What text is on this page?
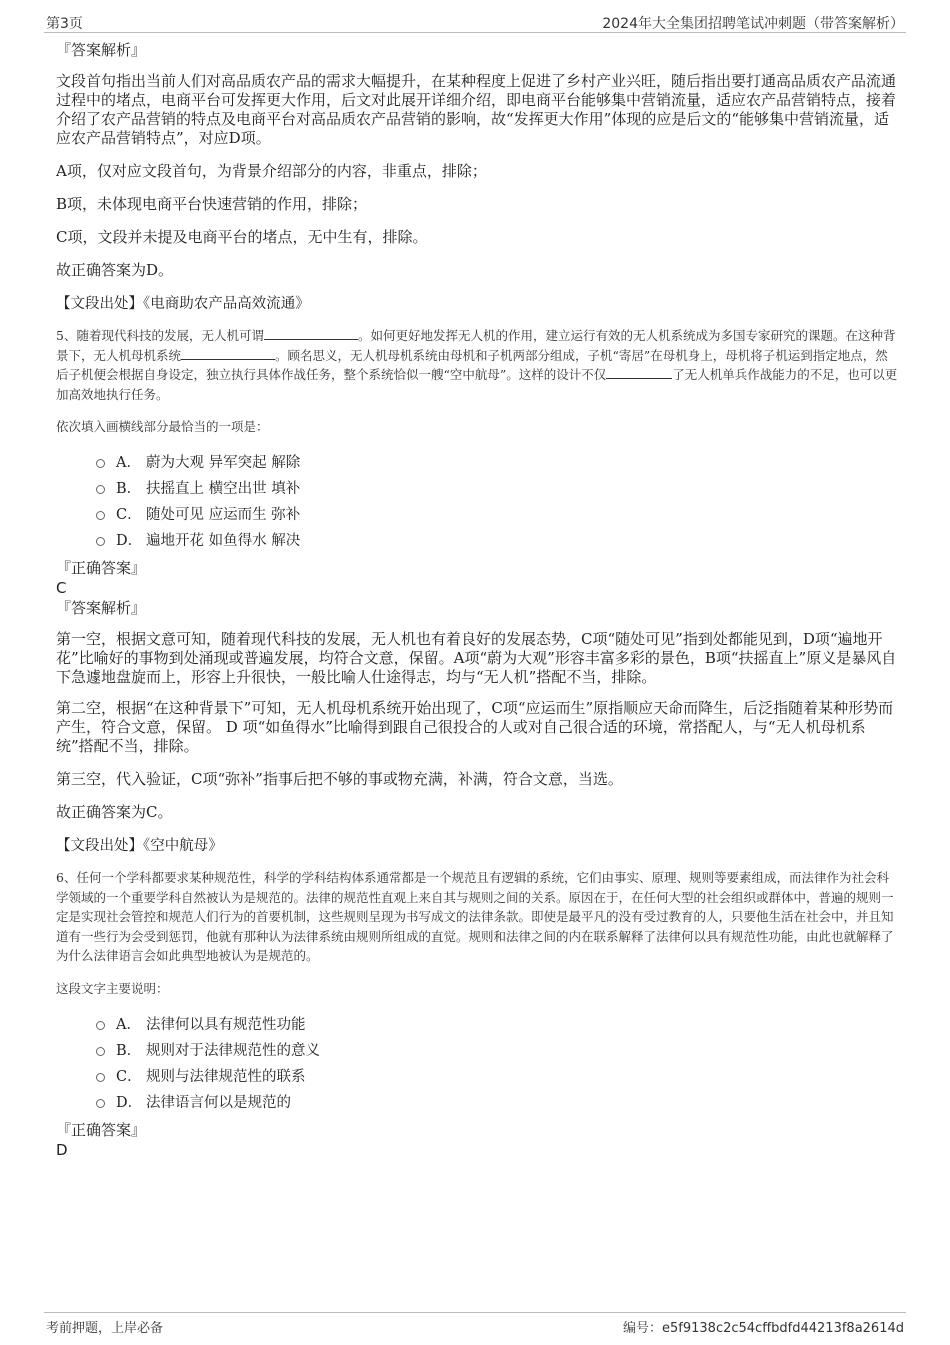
第3页	2024年大全集团招聘笔试冲刺题（带答案解析）

『答案解析』

文段首句指出当前人们对高品质农产品的需求大幅提升，在某种程度上促进了乡村产业兴旺，随后指出要打通高品质农产品流通过程中的堵点，电商平台可发挥更大作用，后文对此展开详细介绍，即电商平台能够集中营销流量，适应农产品营销特点，接着介绍了农产品营销的特点及电商平台对高品质农产品营销的影响，故“发挥更大作用”体现的应是后文的“能够集中营销流量，适应农产品营销特点”，对应D项。

A项，仅对应文段首句，为背景介绍部分的内容，非重点，排除；

B项，未体现电商平台快速营销的作用，排除；

C项，文段并未提及电商平台的堵点，无中生有，排除。

故正确答案为D。

【文段出处】《电商助农产品高效流通》

5、随着现代科技的发展，无人机可谓	。如何更好地发挥无人机的作用，建立运行有效的无人机系统成为多国专家研究的课题。在这种背景下，无人机母机系统	。顾名思义，无人机母机系统由母机和子机两部分组成，子机“寄居”在母机身上，母机将子机运到指定地点，然后子机便会根据自身设定，独立执行具体作战任务，整个系统恰似一艘“空中航母”。这样的设计不仅	了无人机单兵作战能力的不足，也可以更加高效地执行任务。

依次填入画横线部分最恰当的一项是：

A． 蔚为大观 异军突起 解除
B． 扶摇直上 横空出世 填补
C． 随处可见 应运而生 弥补
D． 遍地开花 如鱼得水 解决

『正确答案』

C

『答案解析』

第一空，根据文意可知，随着现代科技的发展，无人机也有着良好的发展态势，C项“随处可见”指到处都能见到，D项“遍地开花”比喻好的事物到处涌现或普遍发展，均符合文意，保留。A项“蔚为大观”形容丰富多彩的景色，B项“扶摇直上”原义是暴风自下急遽地盘旋而上，形容上升很快，一般比喻人仕途得志，均与“无人机”搭配不当，排除。

第二空，根据“在这种背景下”可知，无人机母机系统开始出现了，C项“应运而生”原指顺应天命而降生，后泛指随着某种形势而产生，符合文意，保留。 D 项“如鱼得水”比喻得到跟自己很投合的人或对自己很合适的环境，常搭配人，与“无人机母机系统”搭配不当，排除。

第三空，代入验证，C项“弥补”指事后把不够的事或物充满，补满，符合文意，当选。

故正确答案为C。

【文段出处】《空中航母》

6、任何一个学科都要求某种规范性，科学的学科结构体系通常都是一个规范且有逻辑的系统，它们由事实、原理、规则等要素组成，而法律作为社会科学领域的一个重要学科自然被认为是规范的。法律的规范性直观上来自其与规则之间的关系。原因在于，在任何大型的社会组织或群体中，普遍的规则一定是实现社会管控和规范人们行为的首要机制，这些规则呈现为书写成文的法律条款。即使是最平凡的没有受过教育的人，只要他生活在社会中，并且知道有一些行为会受到惩罚，他就有那种认为法律系统由规则所组成的直觉。规则和法律之间的内在联系解释了法律何以具有规范性功能，由此也就解释了为什么法律语言会如此典型地被认为是规范的。

这段文字主要说明：

A． 法律何以具有规范性功能
B． 规则对于法律规范性的意义
C． 规则与法律规范性的联系
D． 法律语言何以是规范的

『正确答案』

D

考前押题，上岸必备	编号：e5f9138c2c54cffbdfd44213f8a2614d
